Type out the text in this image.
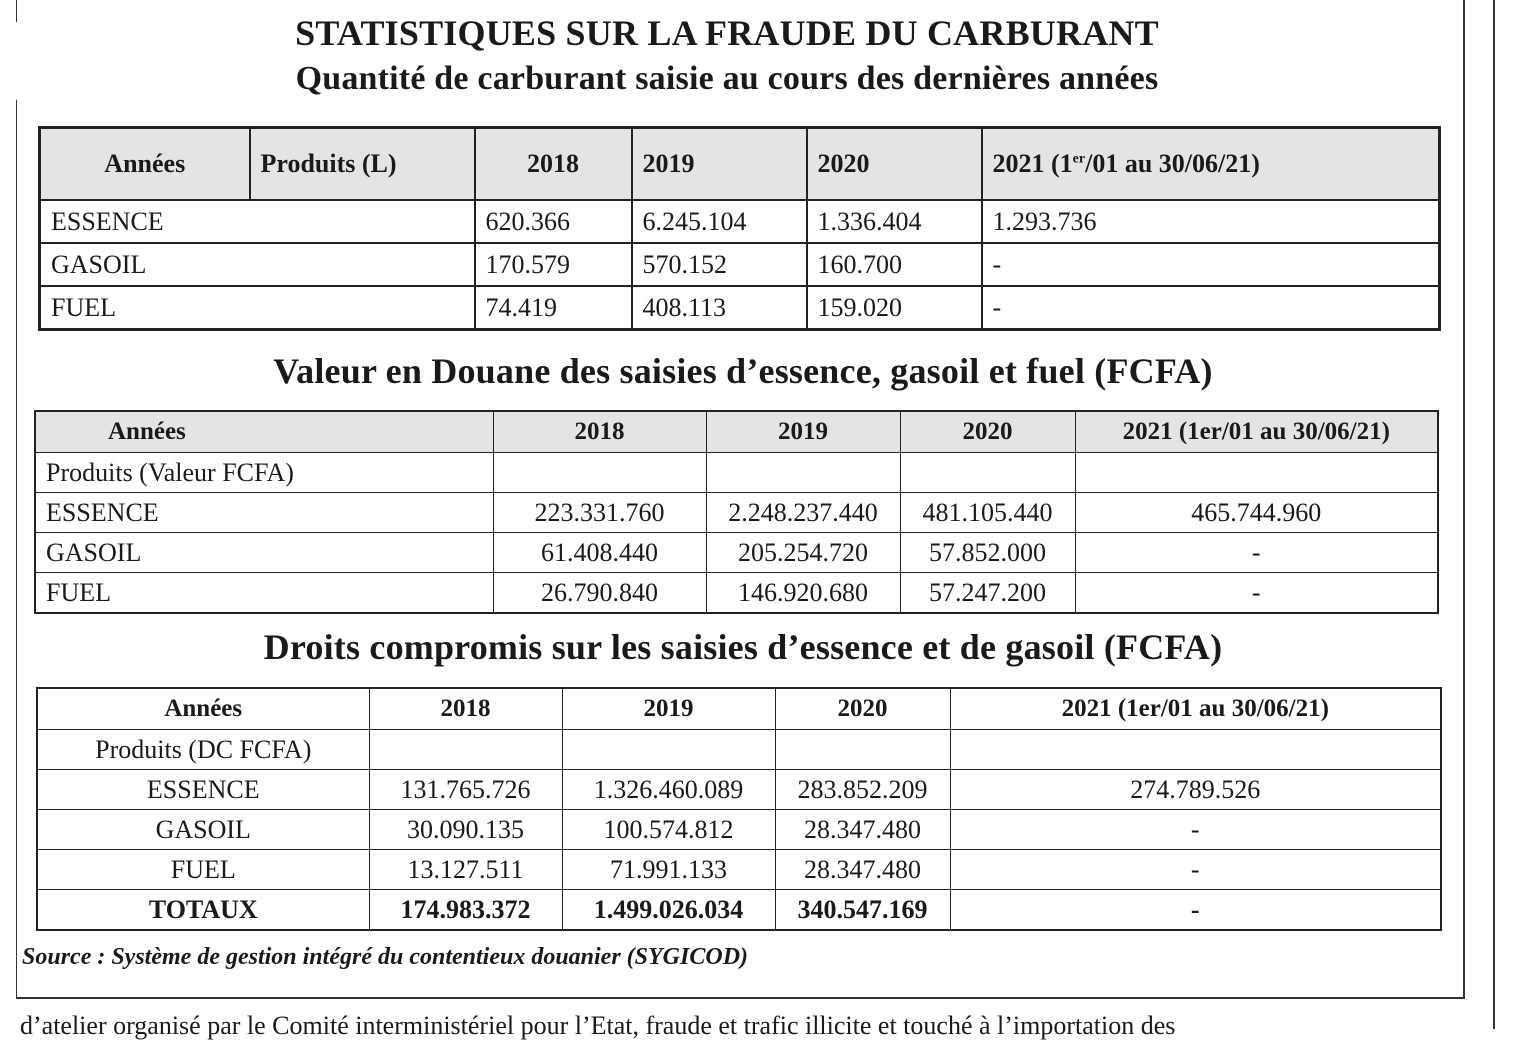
STATISTIQUES SUR LA FRAUDE DU CARBURANT
Quantité de carburant saisie au cours des dernières années
Années	Produits (L)	2018	2019	2020	2021 (1er/01 au 30/06/21)
ESSENCE		620.366	6.245.104	1.336.404	1.293.736
GASOIL		170.579	570.152	160.700	-
FUEL		74.419	408.113	159.020	-
Valeur en Douane des saisies d’essence, gasoil et fuel (FCFA)
Années	2018	2019	2020	2021 (1er/01 au 30/06/21)
Produits (Valeur FCFA)				
ESSENCE	223.331.760	2.248.237.440	481.105.440	465.744.960
GASOIL	61.408.440	205.254.720	57.852.000	-
FUEL	26.790.840	146.920.680	57.247.200	-
Droits compromis sur les saisies d’essence et de gasoil (FCFA)
Années	2018	2019	2020	2021 (1er/01 au 30/06/21)
Produits (DC FCFA)				
ESSENCE	131.765.726	1.326.460.089	283.852.209	274.789.526
GASOIL	30.090.135	100.574.812	28.347.480	-
FUEL	13.127.511	71.991.133	28.347.480	-
TOTAUX	174.983.372	1.499.026.034	340.547.169	-
Source : Système de gestion intégré du contentieux douanier (SYGICOD)
d’atelier organisé par le Comité interministériel pour l’Etat, fraude et trafic illicite et touché à l’importation des
